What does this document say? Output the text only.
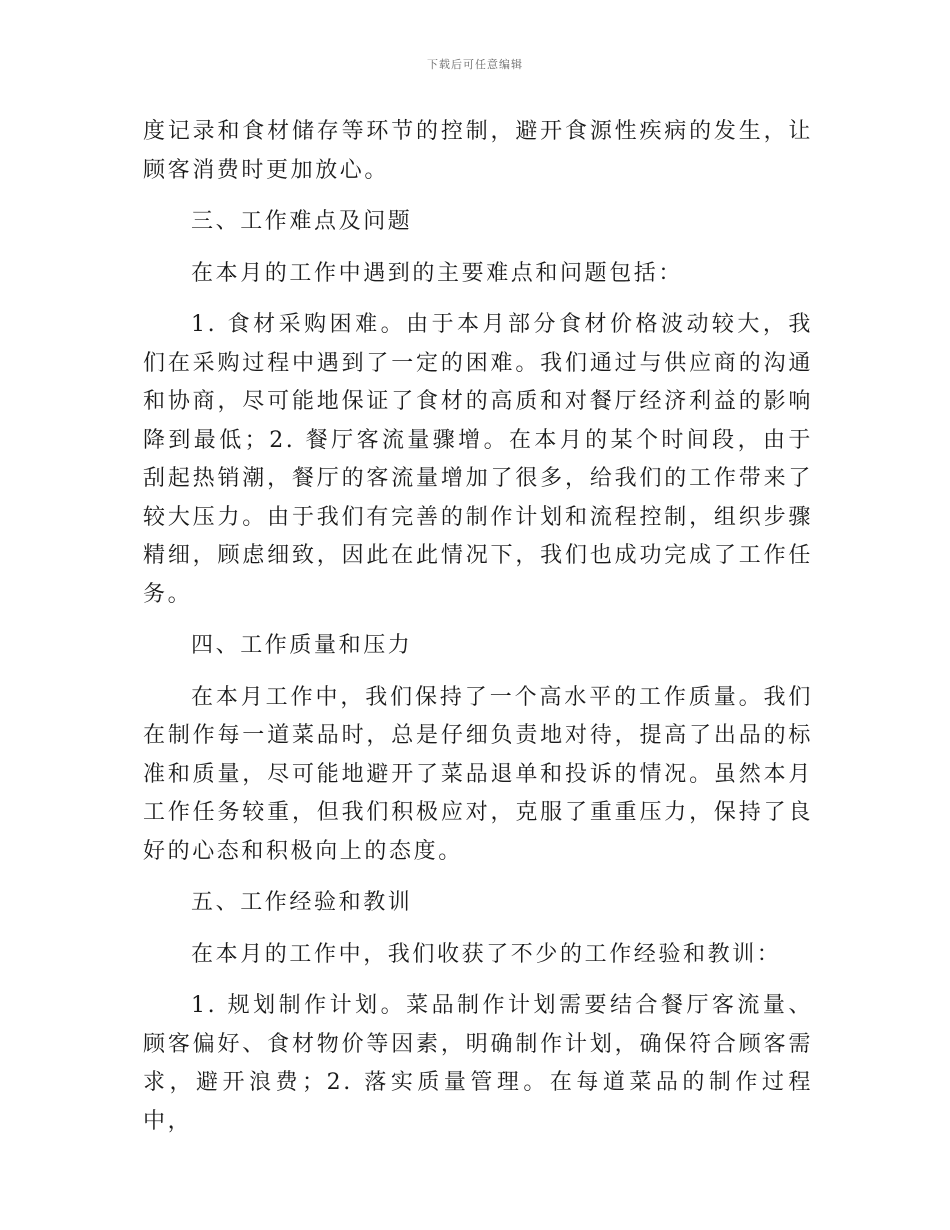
下载后可任意编辑

度记录和食材储存等环节的控制，避开食源性疾病的发生，让顾客消费时更加放心。

三、工作难点及问题

在本月的工作中遇到的主要难点和问题包括：

1. 食材采购困难。由于本月部分食材价格波动较大，我们在采购过程中遇到了一定的困难。我们通过与供应商的沟通和协商，尽可能地保证了食材的高质和对餐厅经济利益的影响降到最低；2. 餐厅客流量骤增。在本月的某个时间段，由于刮起热销潮，餐厅的客流量增加了很多，给我们的工作带来了较大压力。由于我们有完善的制作计划和流程控制，组织步骤精细，顾虑细致，因此在此情况下，我们也成功完成了工作任务。

四、工作质量和压力

在本月工作中，我们保持了一个高水平的工作质量。我们在制作每一道菜品时，总是仔细负责地对待，提高了出品的标准和质量，尽可能地避开了菜品退单和投诉的情况。虽然本月工作任务较重，但我们积极应对，克服了重重压力，保持了良好的心态和积极向上的态度。

五、工作经验和教训

在本月的工作中，我们收获了不少的工作经验和教训：

1. 规划制作计划。菜品制作计划需要结合餐厅客流量、顾客偏好、食材物价等因素，明确制作计划，确保符合顾客需求，避开浪费；2. 落实质量管理。在每道菜品的制作过程中，
